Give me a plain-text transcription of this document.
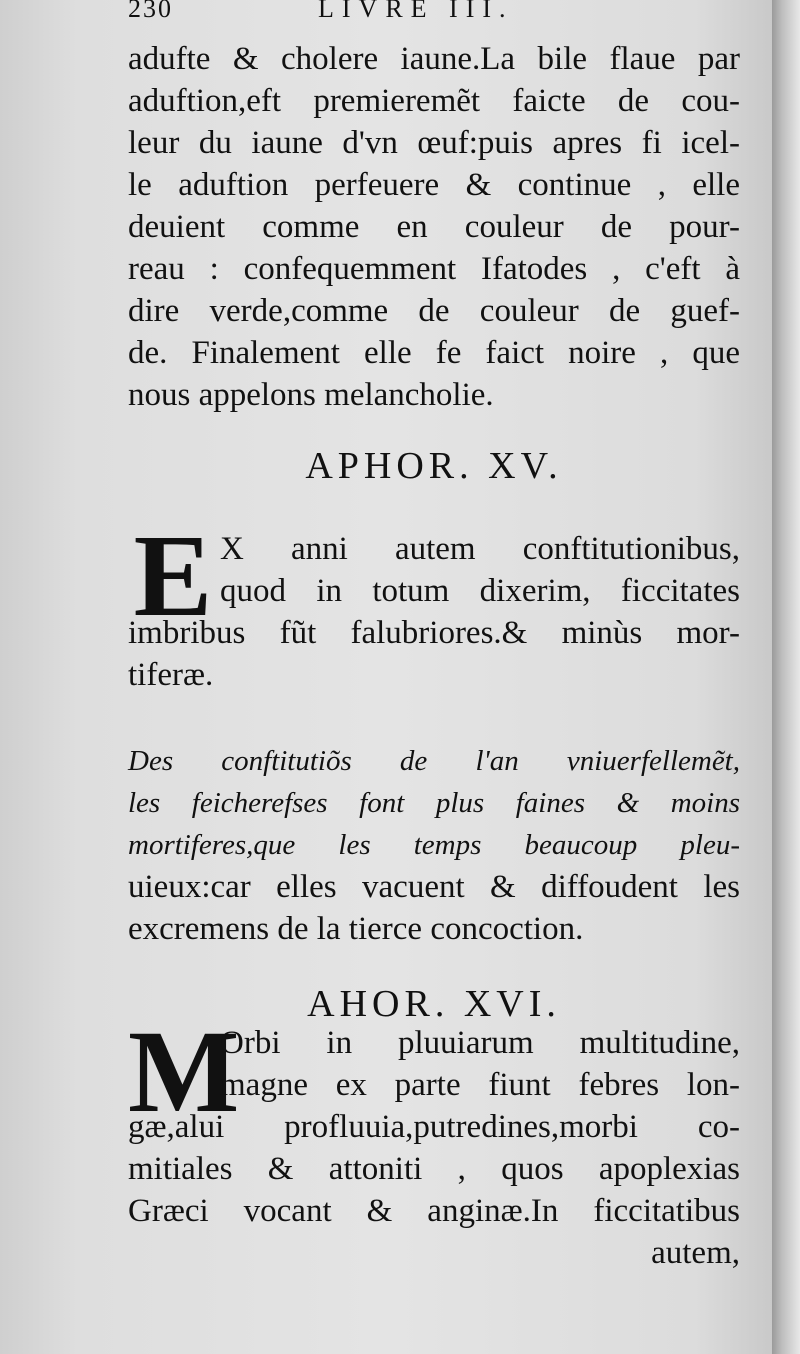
230	LIVRE III.
adufte & cholere iaune.La bile flaue par
aduftion,eft premieremẽt faicte de cou-
leur du iaune d'vn œuf:puis apres fi icel-
le aduftion perfeuere & continue , elle
deuient comme en couleur de pour-
reau : confequemment Ifatodes , c'eft à
dire verde,comme de couleur de guef-
de. Finalement elle fe faict noire , que
nous appelons melancholie.
APHOR. XV.
E X anni autem conftitutionibus,
quod in totum dixerim, ficcitates
imbribus fũt falubriores.& minùs mor-
tiferæ.
Des conftitutiõs de l'an vniuerfellemẽt,
les feicherefses font plus faines & moins
mortiferes,que les temps beaucoup pleu-
uieux:car elles vacuent & diffoudent les
excremens de la tierce concoction.
AHOR. XVI.
M
Orbi in pluuiarum multitudine,
magne ex parte fiunt febres lon-
gæ,alui profluuia,putredines,morbi co-
mitiales & attoniti , quos apoplexias
Græci vocant & anginæ.In ficcitatibus
autem,
